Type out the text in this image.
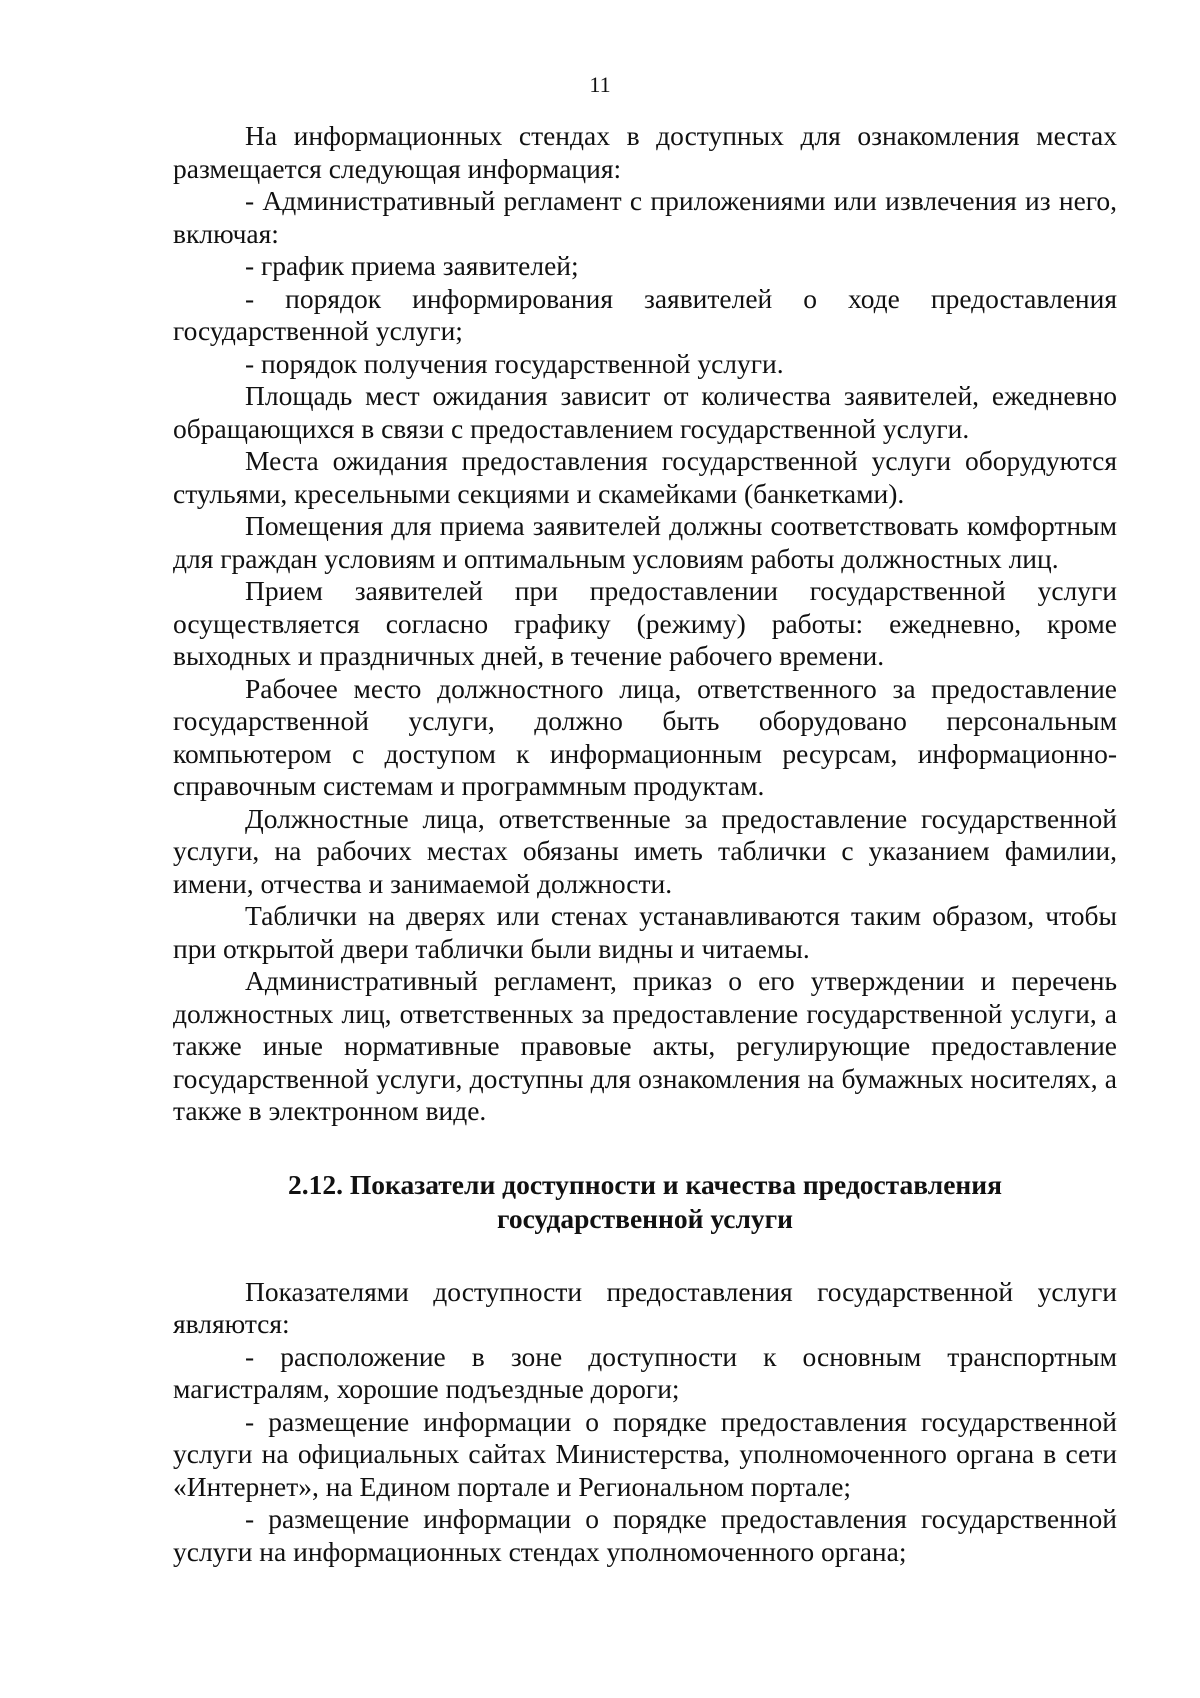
11

На информационных стендах в доступных для ознакомления местах размещается следующая информация:

- Административный регламент с приложениями или извлечения из него, включая:

- график приема заявителей;

- порядок информирования заявителей о ходе предоставления государственной услуги;

- порядок получения государственной услуги.

Площадь мест ожидания зависит от количества заявителей, ежедневно обращающихся в связи с предоставлением государственной услуги.

Места ожидания предоставления государственной услуги оборудуются стульями, кресельными секциями и скамейками (банкетками).

Помещения для приема заявителей должны соответствовать комфортным для граждан условиям и оптимальным условиям работы должностных лиц.

Прием заявителей при предоставлении государственной услуги осуществляется согласно графику (режиму) работы: ежедневно, кроме выходных и праздничных дней, в течение рабочего времени.

Рабочее место должностного лица, ответственного за предоставление государственной услуги, должно быть оборудовано персональным компьютером с доступом к информационным ресурсам, информационно-справочным системам и программным продуктам.

Должностные лица, ответственные за предоставление государственной услуги, на рабочих местах обязаны иметь таблички с указанием фамилии, имени, отчества и занимаемой должности.

Таблички на дверях или стенах устанавливаются таким образом, чтобы при открытой двери таблички были видны и читаемы.

Административный регламент, приказ о его утверждении и перечень должностных лиц, ответственных за предоставление государственной услуги, а также иные нормативные правовые акты, регулирующие предоставление государственной услуги, доступны для ознакомления на бумажных носителях, а также в электронном виде.

2.12. Показатели доступности и качества предоставления
государственной услуги

Показателями доступности предоставления государственной услуги являются:

- расположение в зоне доступности к основным транспортным магистралям, хорошие подъездные дороги;

- размещение информации о порядке предоставления государственной услуги на официальных сайтах Министерства, уполномоченного органа в сети «Интернет», на Едином портале и Региональном портале;

- размещение информации о порядке предоставления государственной услуги на информационных стендах уполномоченного органа;
